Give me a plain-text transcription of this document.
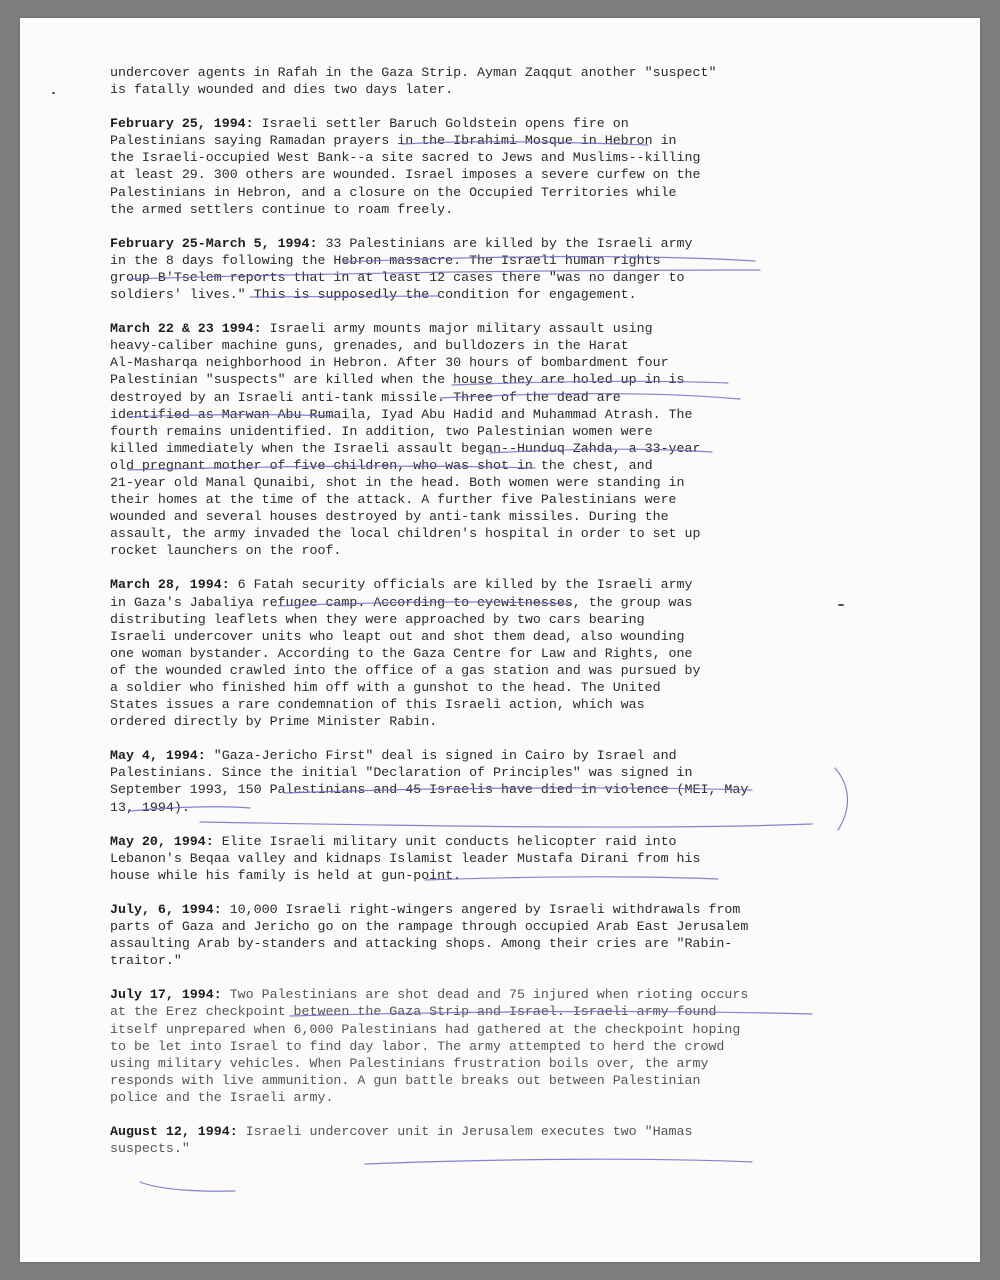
undercover agents in Rafah in the Gaza Strip. Ayman Zaqqut another "suspect"
is fatally wounded and dies two days later.
February 25, 1994: Israeli settler Baruch Goldstein opens fire on
Palestinians saying Ramadan prayers in the Ibrahimi Mosque in Hebron in
the Israeli-occupied West Bank--a site sacred to Jews and Muslims--killing
at least 29. 300 others are wounded. Israel imposes a severe curfew on the
Palestinians in Hebron, and a closure on the Occupied Territories while
the armed settlers continue to roam freely.
February 25-March 5, 1994: 33 Palestinians are killed by the Israeli army
in the 8 days following the Hebron massacre. The Israeli human rights
group B'Tselem reports that in at least 12 cases there "was no danger to
soldiers' lives." This is supposedly the condition for engagement.
March 22 & 23 1994: Israeli army mounts major military assault using
heavy-caliber machine guns, grenades, and bulldozers in the Harat
Al-Masharqa neighborhood in Hebron. After 30 hours of bombardment four
Palestinian "suspects" are killed when the house they are holed up in is
destroyed by an Israeli anti-tank missile. Three of the dead are
identified as Marwan Abu Rumaila, Iyad Abu Hadid and Muhammad Atrash. The
fourth remains unidentified. In addition, two Palestinian women were
killed immediately when the Israeli assault began--Hunduq Zahda, a 33-year
old pregnant mother of five children, who was shot in the chest, and
21-year old Manal Qunaibi, shot in the head. Both women were standing in
their homes at the time of the attack. A further five Palestinians were
wounded and several houses destroyed by anti-tank missiles. During the
assault, the army invaded the local children's hospital in order to set up
rocket launchers on the roof.
March 28, 1994: 6 Fatah security officials are killed by the Israeli army
in Gaza's Jabaliya refugee camp. According to eyewitnesses, the group was
distributing leaflets when they were approached by two cars bearing
Israeli undercover units who leapt out and shot them dead, also wounding
one woman bystander. According to the Gaza Centre for Law and Rights, one
of the wounded crawled into the office of a gas station and was pursued by
a soldier who finished him off with a gunshot to the head. The United
States issues a rare condemnation of this Israeli action, which was
ordered directly by Prime Minister Rabin.
May 4, 1994: "Gaza-Jericho First" deal is signed in Cairo by Israel and
Palestinians. Since the initial "Declaration of Principles" was signed in
September 1993, 150 Palestinians and 45 Israelis have died in violence (MEI, May
13, 1994).
May 20, 1994: Elite Israeli military unit conducts helicopter raid into
Lebanon's Beqaa valley and kidnaps Islamist leader Mustafa Dirani from his
house while his family is held at gun-point.
July, 6, 1994: 10,000 Israeli right-wingers angered by Israeli withdrawals from
parts of Gaza and Jericho go on the rampage through occupied Arab East Jerusalem
assaulting Arab by-standers and attacking shops. Among their cries are "Rabin-
traitor."
July 17, 1994: Two Palestinians are shot dead and 75 injured when rioting occurs
at the Erez checkpoint between the Gaza Strip and Israel. Israeli army found
itself unprepared when 6,000 Palestinians had gathered at the checkpoint hoping
to be let into Israel to find day labor. The army attempted to herd the crowd
using military vehicles. When Palestinians frustration boils over, the army
responds with live ammunition. A gun battle breaks out between Palestinian
police and the Israeli army.
August 12, 1994: Israeli undercover unit in Jerusalem executes two "Hamas
suspects."
